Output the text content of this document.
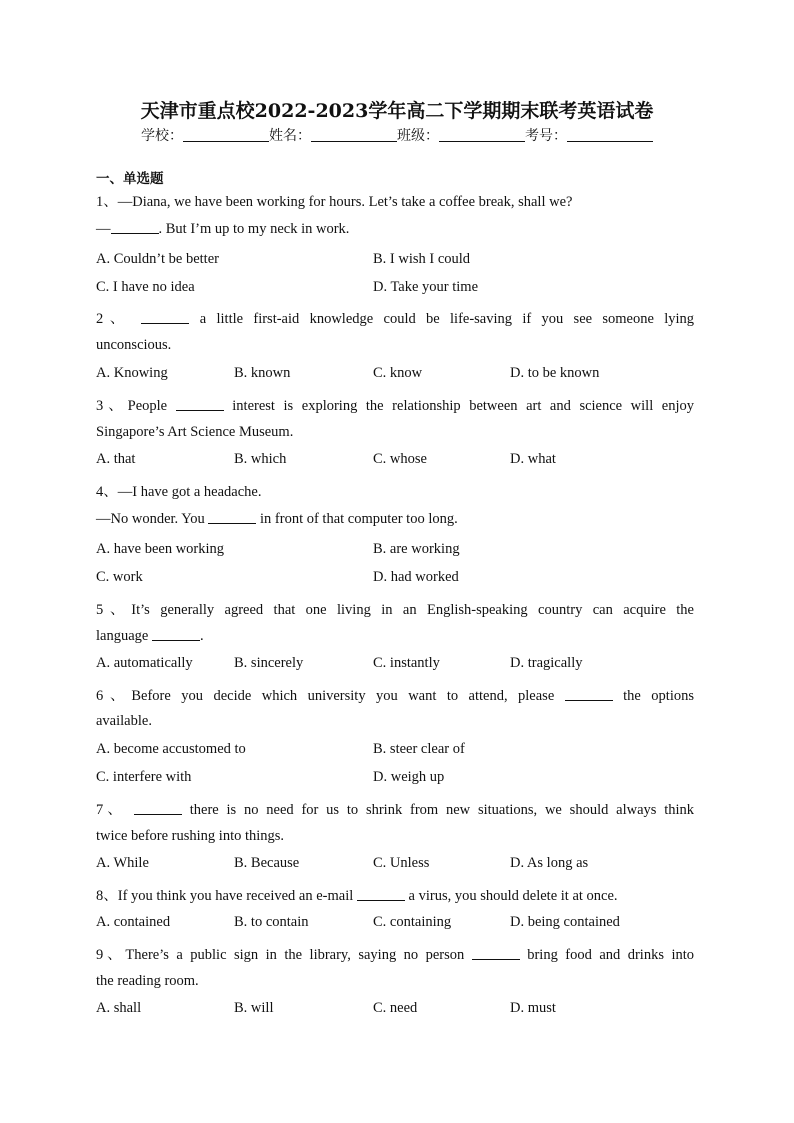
天津市重点校2022-2023学年高二下学期期末联考英语试卷
学校：	姓名：	班级：	考号：
一、单选题
1、—Diana, we have been working for hours. Let’s take a coffee break, shall we?
—	. But I’m up to my neck in work.
A. Couldn’t be better	B. I wish I could
C. I have no idea	D. Take your time
2、	a little first-aid knowledge could be life-saving if you see someone lying
unconscious.
A. Knowing	B. known	C. know	D. to be known
3、People	interest is exploring the relationship between art and science will enjoy
Singapore’s Art Science Museum.
A. that	B. which	C. whose	D. what
4、—I have got a headache.
—No wonder. You	in front of that computer too long.
A. have been working	B. are working
C. work	D. had worked
5、It’s generally agreed that one living in an English-speaking country can acquire the
language	.
A. automatically	B. sincerely	C. instantly	D. tragically
6、Before you decide which university you want to attend, please	the options
available.
A. become accustomed to	B. steer clear of
C. interfere with	D. weigh up
7、	there is no need for us to shrink from new situations, we should always think
twice before rushing into things.
A. While	B. Because	C. Unless	D. As long as
8、If you think you have received an e-mail	a virus, you should delete it at once.
A. contained	B. to contain	C. containing	D. being contained
9、There’s a public sign in the library, saying no person	bring food and drinks into
the reading room.
A. shall	B. will	C. need	D. must
